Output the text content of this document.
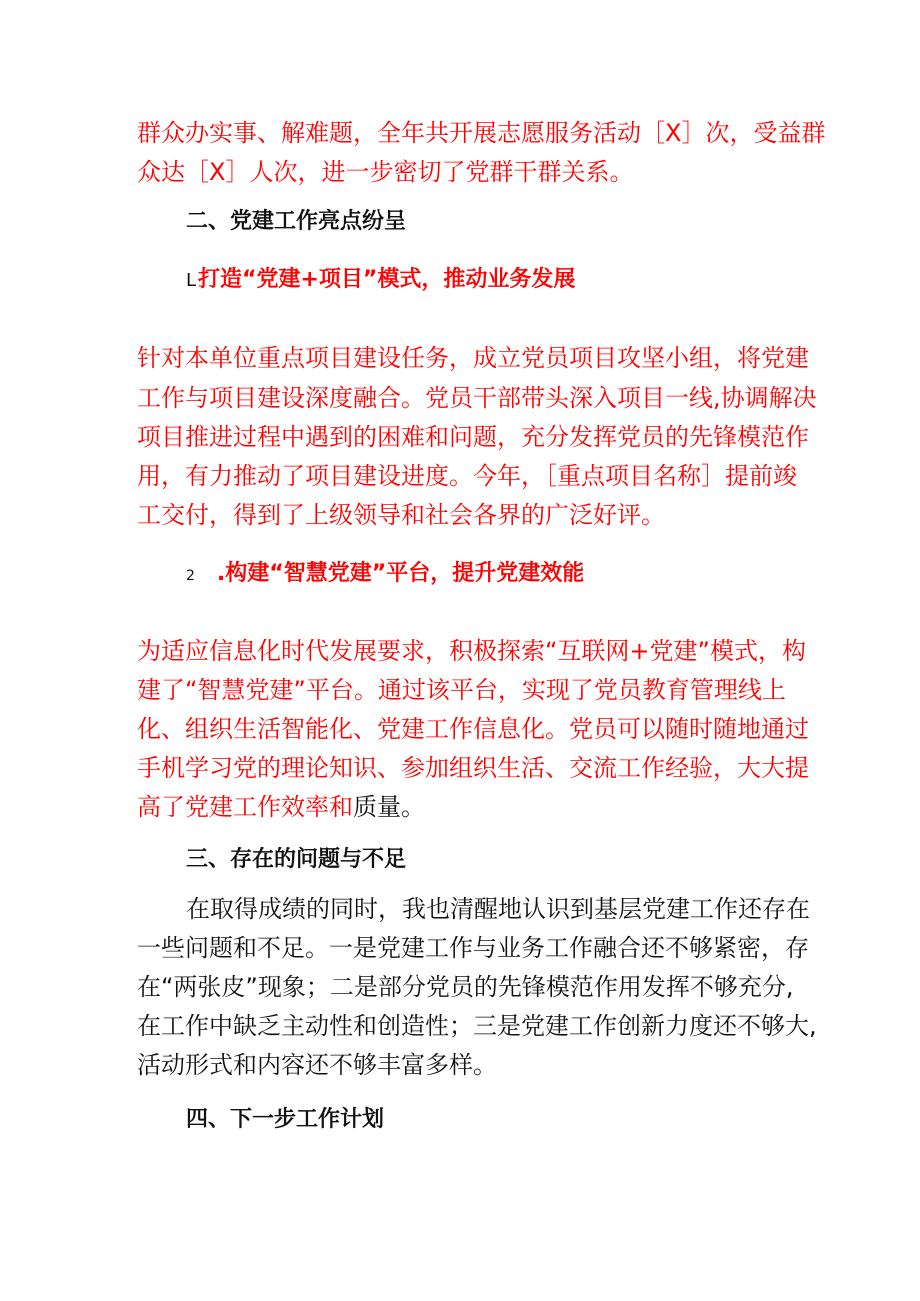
群众办实事、解难题，全年共开展志愿服务活动［X］次，受益群
众达［X］人次，进一步密切了党群干群关系。
二、党建工作亮点纷呈
L打造“党建+项目”模式，推动业务发展
针对本单位重点项目建设任务，成立党员项目攻坚小组，将党建
工作与项目建设深度融合。党员干部带头深入项目一线,协调解决
项目推进过程中遇到的困难和问题，充分发挥党员的先锋模范作
用，有力推动了项目建设进度。今年，［重点项目名称］提前竣
工交付，得到了上级领导和社会各界的广泛好评。
2 .构建“智慧党建”平台，提升党建效能
为适应信息化时代发展要求，积极探索“互联网+党建”模式，构
建了“智慧党建”平台。通过该平台，实现了党员教育管理线上
化、组织生活智能化、党建工作信息化。党员可以随时随地通过
手机学习党的理论知识、参加组织生活、交流工作经验，大大提
高了党建工作效率和质量。
三、存在的问题与不足
在取得成绩的同时，我也清醒地认识到基层党建工作还存在
一些问题和不足。一是党建工作与业务工作融合还不够紧密，存
在“两张皮”现象；二是部分党员的先锋模范作用发挥不够充分,
在工作中缺乏主动性和创造性；三是党建工作创新力度还不够大,
活动形式和内容还不够丰富多样。
四、下一步工作计划
